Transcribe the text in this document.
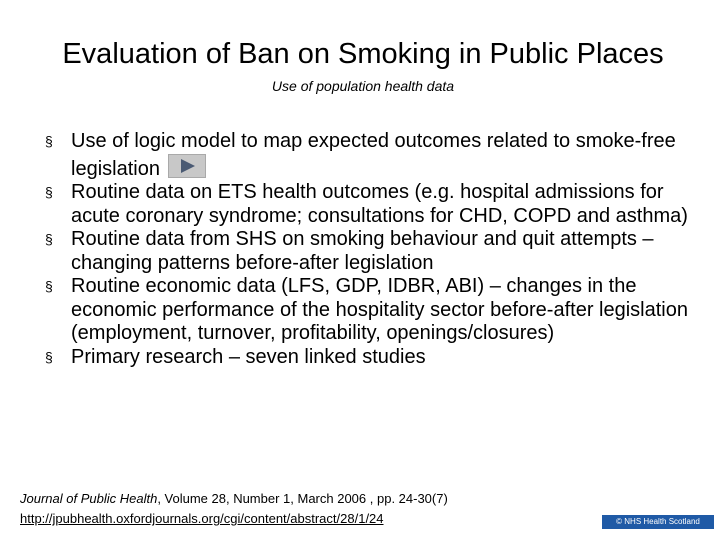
Evaluation of Ban on Smoking in Public Places
Use of population health data
§ Use of logic model to map expected outcomes related to smoke-free legislation
§ Routine data on ETS health outcomes (e.g. hospital admissions for acute coronary syndrome; consultations for CHD, COPD and asthma)
§ Routine data from SHS on smoking behaviour and quit attempts – changing patterns before-after legislation
§ Routine economic data (LFS, GDP, IDBR, ABI) – changes in the economic performance of the hospitality sector before-after legislation (employment, turnover, profitability, openings/closures)
§ Primary research – seven linked studies
Journal of Public Health, Volume 28, Number 1, March 2006 , pp. 24-30(7)
http://jpubhealth.oxfordjournals.org/cgi/content/abstract/28/1/24	© NHS Health Scotland
